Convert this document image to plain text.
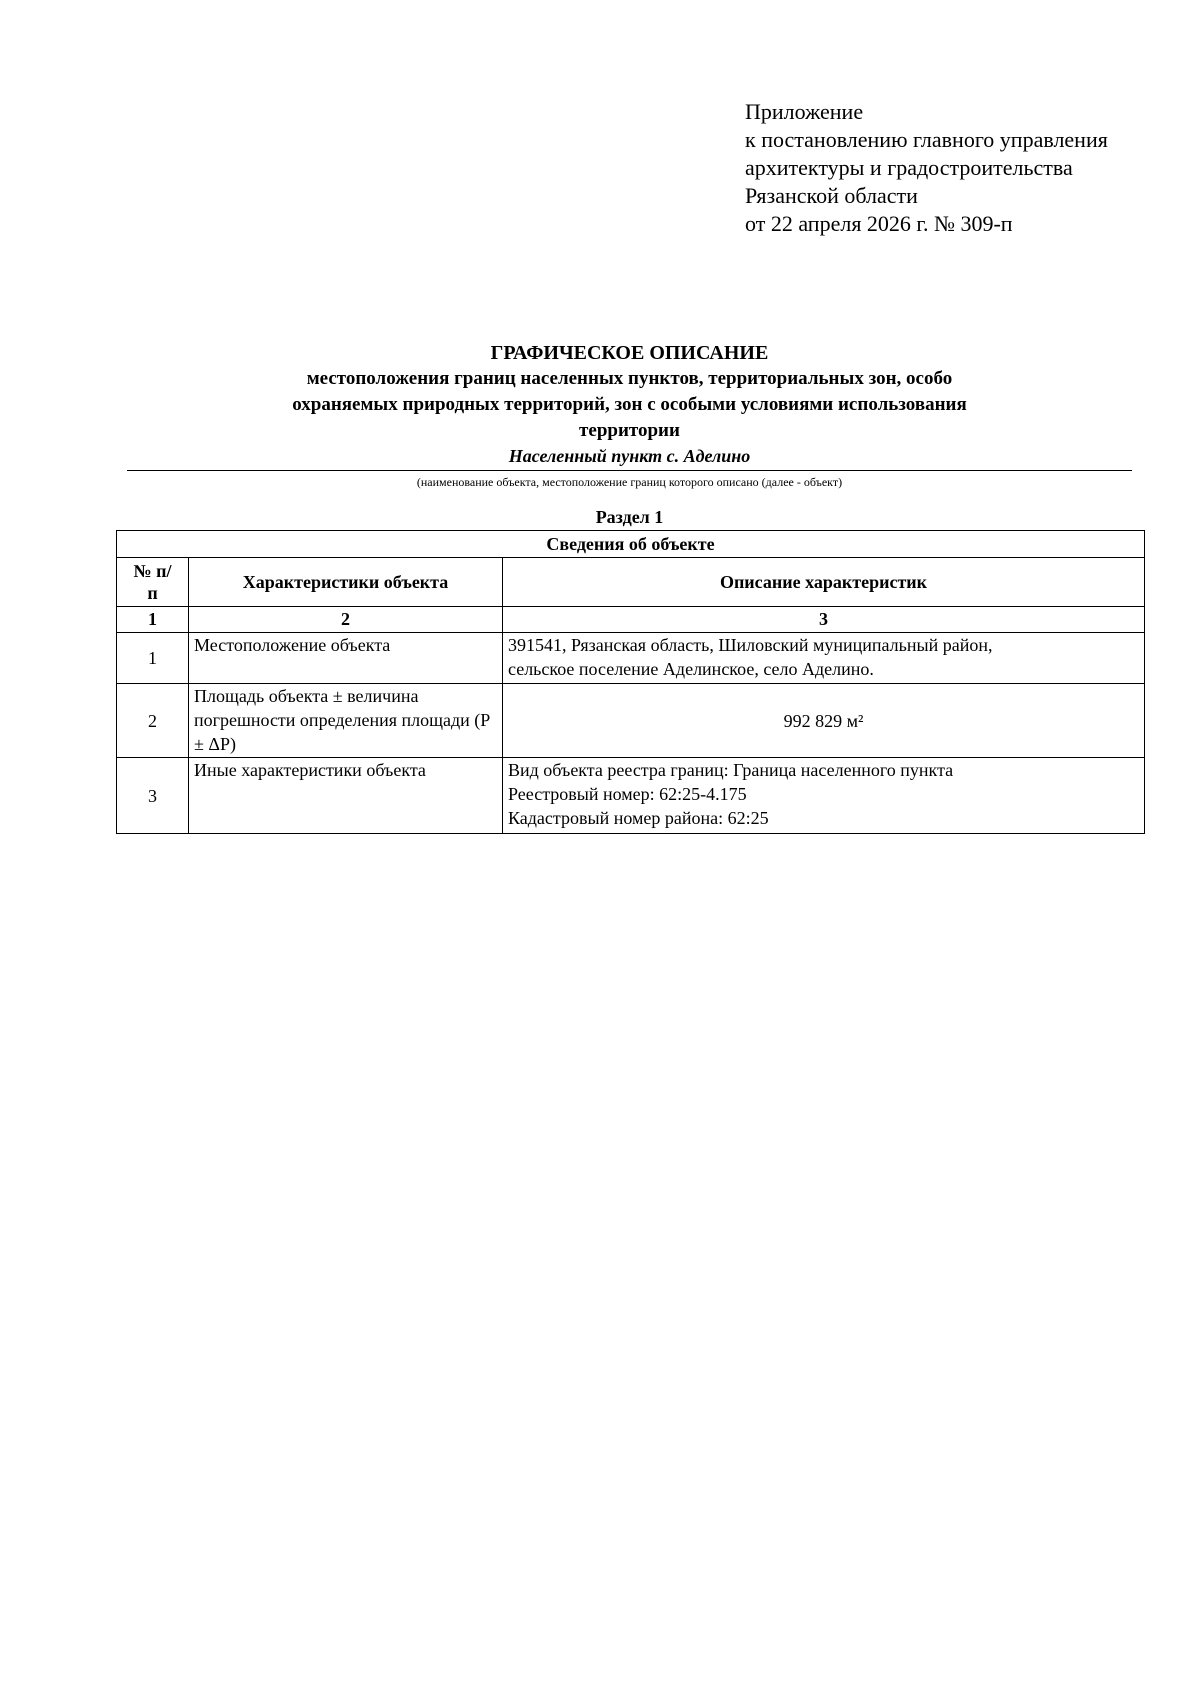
Приложение
к постановлению главного управления
архитектуры и градостроительства
Рязанской области
от 22 апреля 2026 г. № 309-п
ГРАФИЧЕСКОЕ ОПИСАНИЕ
местоположения границ населенных пунктов, территориальных зон, особо охраняемых природных территорий, зон с особыми условиями использования территории
Населенный пункт с. Аделино
(наименование объекта, местоположение границ которого описано (далее - объект)
Раздел 1
Сведения об объекте		
№ п/п	Характеристики объекта	Описание характеристик
1	2	3
1	Местоположение объекта	391541, Рязанская область, Шиловский муниципальный район,
сельское поселение Аделинское, село Аделино.

2	Площадь объекта ± величина погрешности определения площади (P ± ΔP)	992 829 м²

3	Иные характеристики объекта	Вид объекта реестра границ: Граница населенного пункта
Реестровый номер: 62:25-4.175
Кадастровый номер района: 62:25
